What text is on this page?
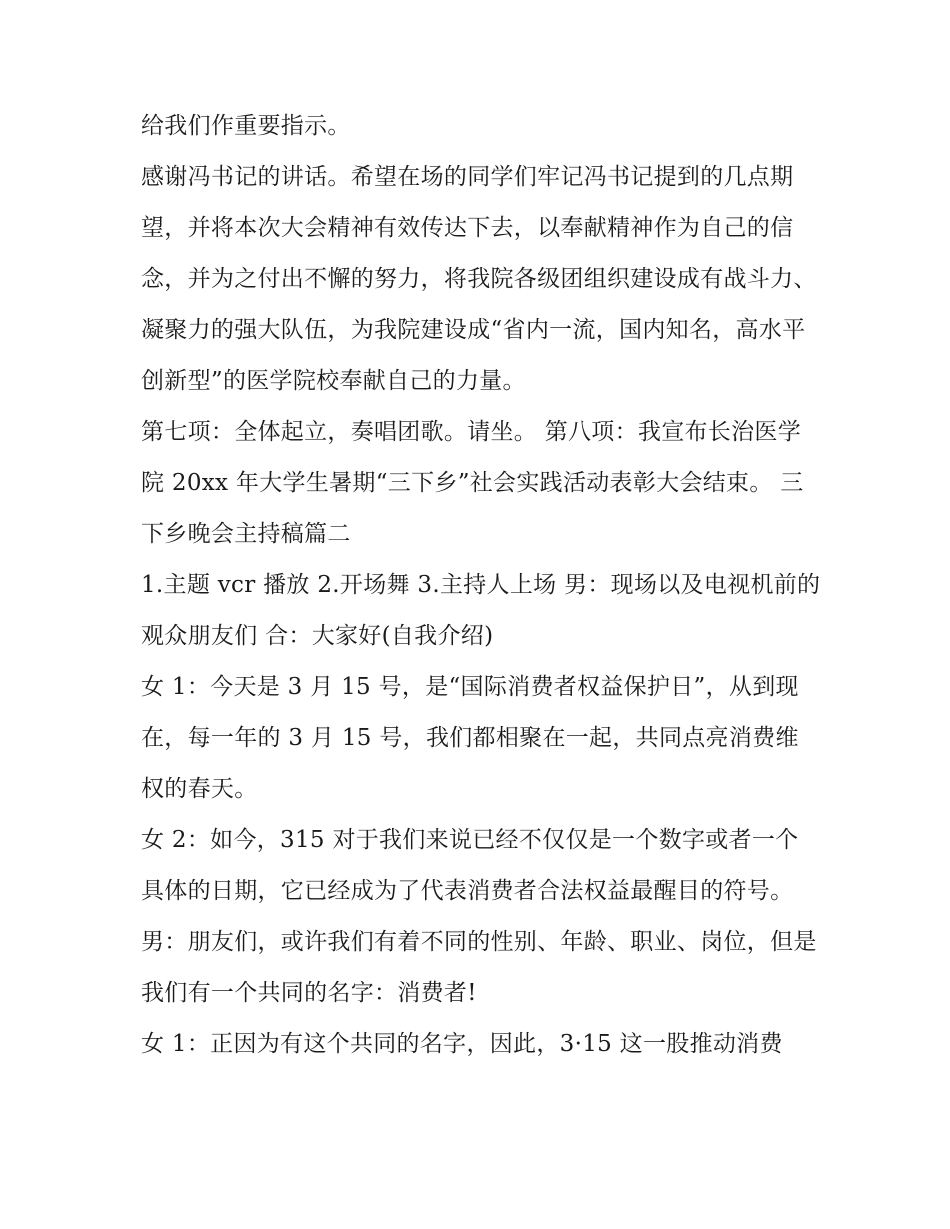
给我们作重要指示。

感谢冯书记的讲话。希望在场的同学们牢记冯书记提到的几点期望，并将本次大会精神有效传达下去，以奉献精神作为自己的信念，并为之付出不懈的努力，将我院各级团组织建设成有战斗力、凝聚力的强大队伍，为我院建设成“省内一流，国内知名，高水平创新型”的医学院校奉献自己的力量。

第七项：全体起立，奏唱团歌。请坐。 第八项：我宣布长治医学院 20xx 年大学生暑期“三下乡”社会实践活动表彰大会结束。 三下乡晚会主持稿篇二

1.主题 vcr 播放 2.开场舞 3.主持人上场 男：现场以及电视机前的观众朋友们 合：大家好(自我介绍)

女 1：今天是 3 月 15 号，是“国际消费者权益保护日”，从到现在，每一年的 3 月 15 号，我们都相聚在一起，共同点亮消费维权的春天。

女 2：如今，315 对于我们来说已经不仅仅是一个数字或者一个具体的日期，它已经成为了代表消费者合法权益最醒目的符号。

男：朋友们，或许我们有着不同的性别、年龄、职业、岗位，但是我们有一个共同的名字：消费者!

女 1：正因为有这个共同的名字，因此，3·15 这一股推动消费
